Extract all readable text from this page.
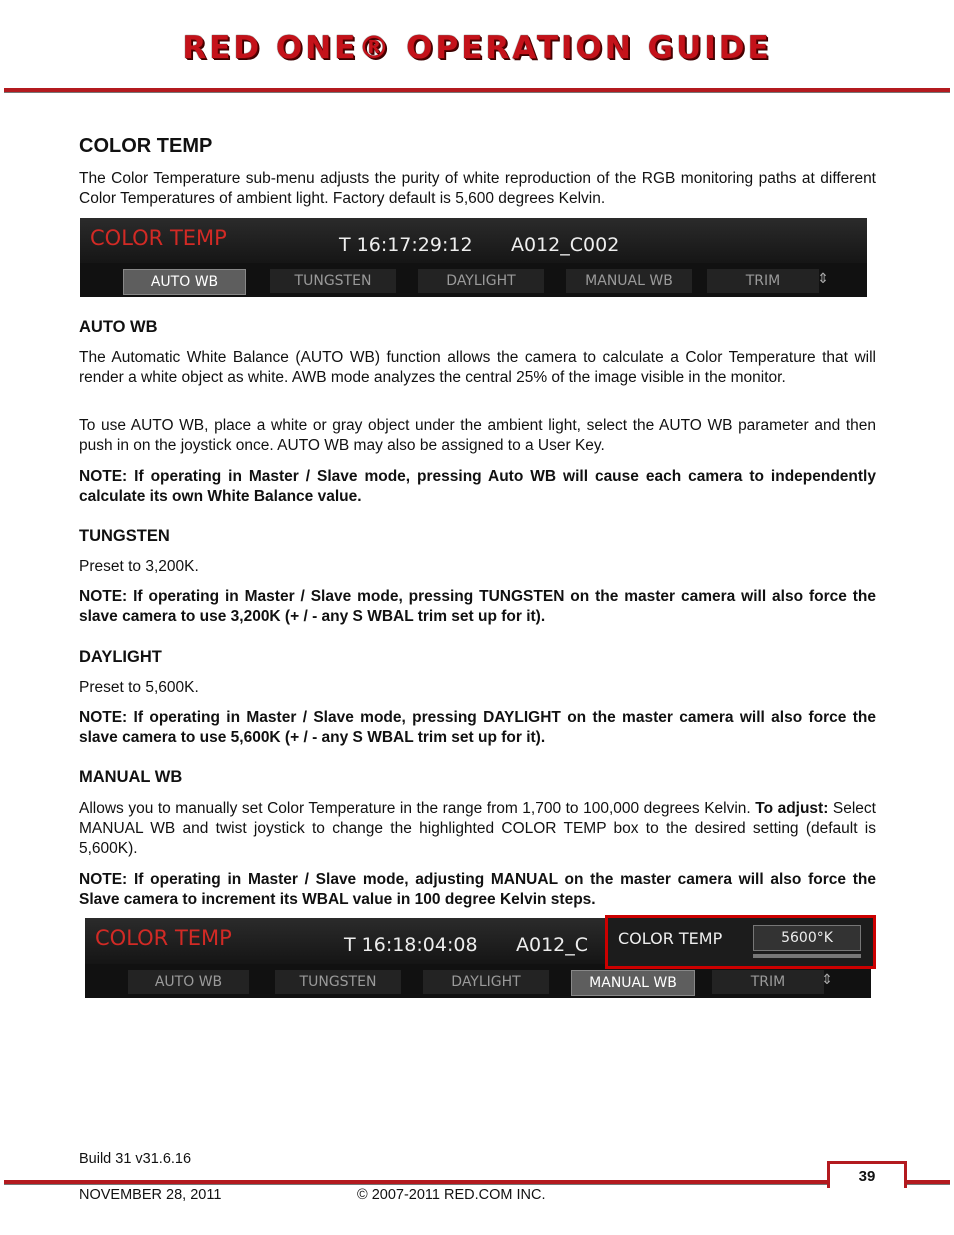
RED ONE® OPERATION GUIDE
COLOR TEMP

The Color Temperature sub-menu adjusts the purity of white reproduction of the RGB monitoring paths at different Color Temperatures of ambient light. Factory default is 5,600 degrees Kelvin.

COLOR TEMP	T 16:17:29:12 A012_C002
AUTO WB	TUNGSTEN	DAYLIGHT	MANUAL WB	TRIM	⇕
AUTO WB

The Automatic White Balance (AUTO WB) function allows the camera to calculate a Color Temperature that will render a white object as white. AWB mode analyzes the central 25% of the image visible in the monitor.

To use AUTO WB, place a white or gray object under the ambient light, select the AUTO WB parameter and then push in on the joystick once. AUTO WB may also be assigned to a User Key.

NOTE: If operating in Master / Slave mode, pressing Auto WB will cause each camera to independently calculate its own White Balance value.

TUNGSTEN

Preset to 3,200K.

NOTE: If operating in Master / Slave mode, pressing TUNGSTEN on the master camera will also force the slave camera to use 3,200K (+ / - any S WBAL trim set up for it).

DAYLIGHT

Preset to 5,600K.

NOTE: If operating in Master / Slave mode, pressing DAYLIGHT on the master camera will also force the slave camera to use 5,600K (+ / - any S WBAL trim set up for it).

MANUAL WB

Allows you to manually set Color Temperature in the range from 1,700 to 100,000 degrees Kelvin. To adjust: Select MANUAL WB and twist joystick to change the highlighted COLOR TEMP box to the desired setting (default is 5,600K).

NOTE: If operating in Master / Slave mode, adjusting MANUAL on the master camera will also force the Slave camera to increment its WBAL value in 100 degree Kelvin steps.

COLOR TEMP	T 16:18:04:08 A012_C
AUTO WB	TUNGSTEN	DAYLIGHT	MANUAL WB	TRIM	⇕
COLOR TEMP	5600°K
Build 31 v31.6.16
39
NOVEMBER 28, 2011	© 2007-2011 RED.COM INC.
